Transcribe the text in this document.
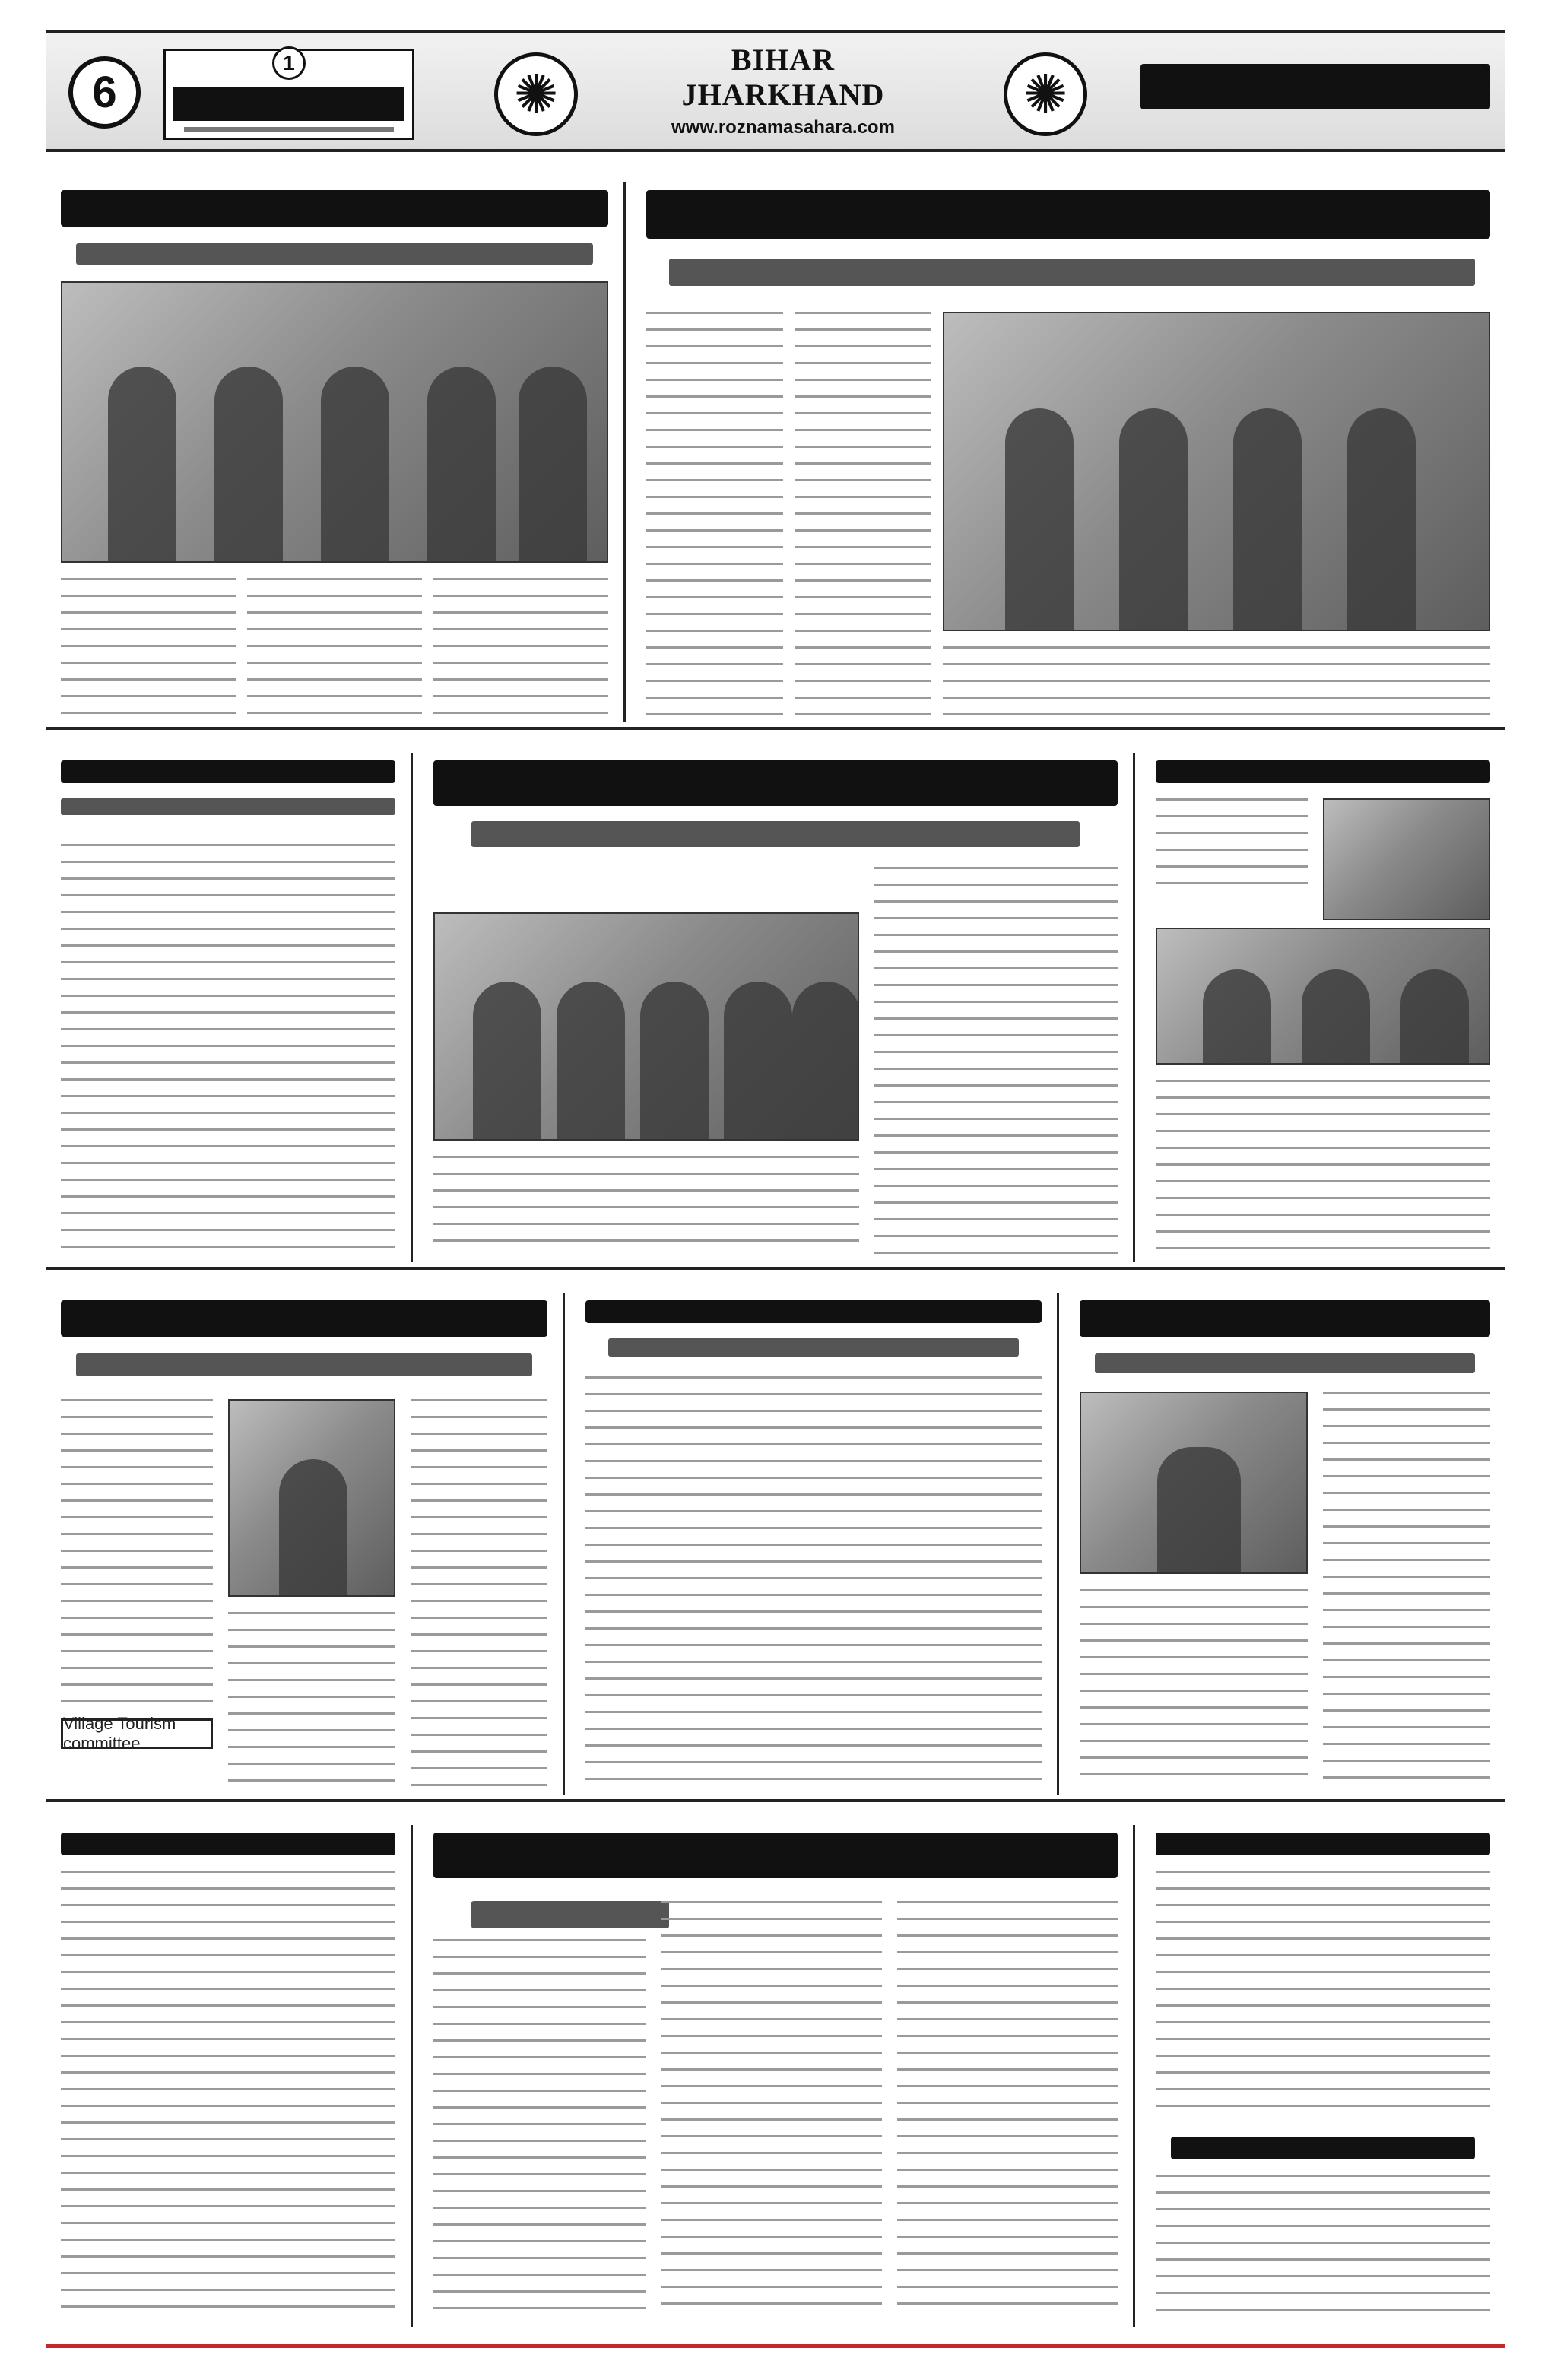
6
1
✺
BIHAR
JHARKHAND
www.roznamasahara.com
✺
Village Tourism committee
